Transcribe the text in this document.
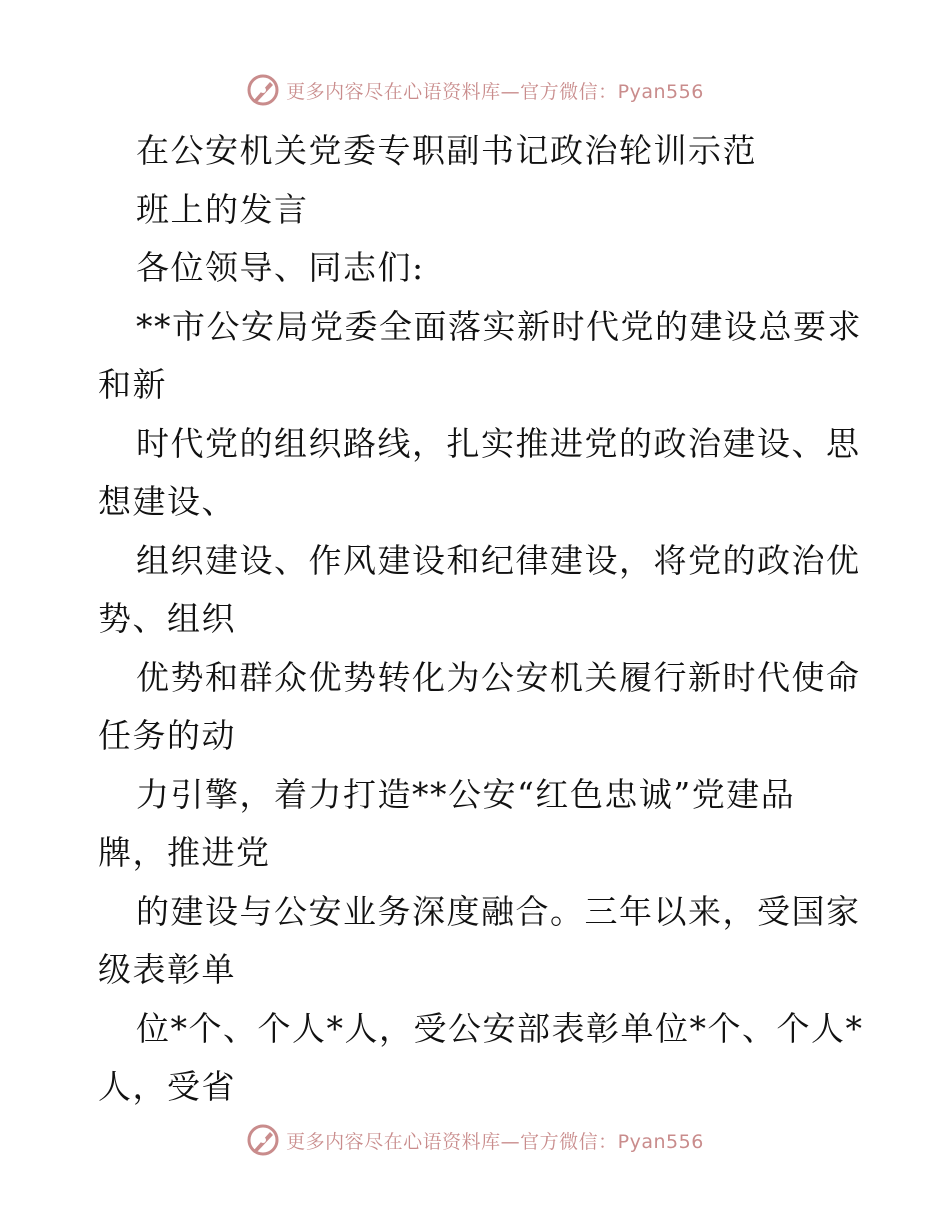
更多内容尽在心语资料库—官方微信：Pyan556
在公安机关党委专职副书记政治轮训示范
班上的发言
各位领导、同志们:
**市公安局党委全面落实新时代党的建设总要求
和新
时代党的组织路线，扎实推进党的政治建设、思
想建设、
组织建设、作风建设和纪律建设，将党的政治优
势、组织
优势和群众优势转化为公安机关履行新时代使命
任务的动
力引擎，着力打造**公安“红色忠诚”党建品
牌，推进党
的建设与公安业务深度融合。三年以来，受国家
级表彰单
位*个、个人*人，受公安部表彰单位*个、个人*
人，受省
更多内容尽在心语资料库—官方微信：Pyan556
